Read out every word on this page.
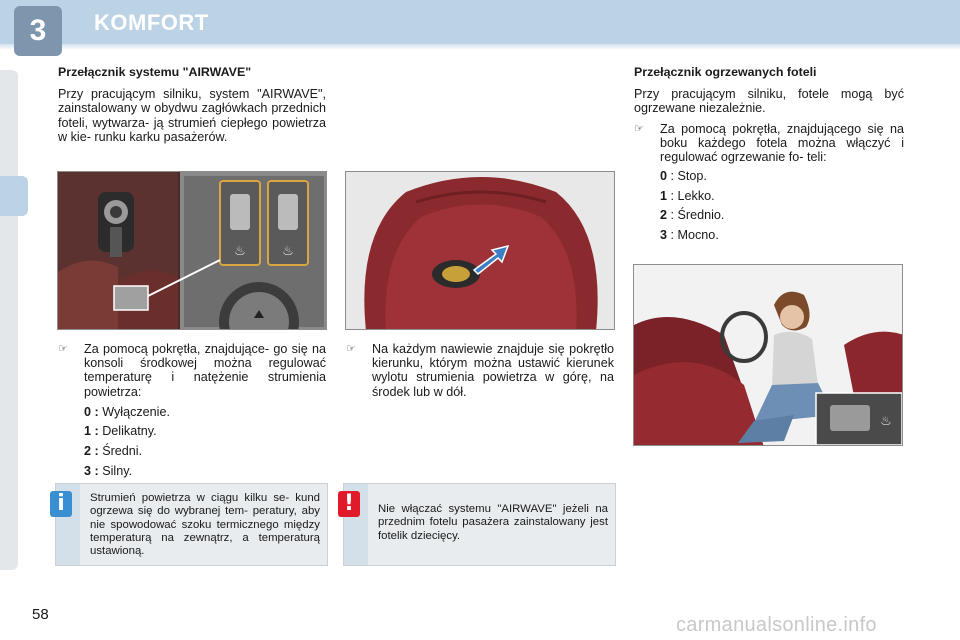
3	KOMFORT
Przełącznik systemu "AIRWAVE"

Przy pracującym silniku, system "AIRWAVE", zainstalowany w obydwu zagłówkach przednich foteli, wytwarza- ją strumień ciepłego powietrza w kie- runku karku pasażerów.

♨	♨
☞ Za pomocą pokrętła, znajdujące- go się na konsoli środkowej można regulować temperaturę i natężenie strumienia powietrza:
0 : Wyłączenie.
1 : Delikatny.
2 : Średni.
3 : Silny.
☞ Na każdym nawiewie znajduje się pokrętło kierunku, którym można ustawić kierunek wylotu strumienia powietrza w górę, na środek lub w dół.
Przełącznik ogrzewanych foteli

Przy pracującym silniku, fotele mogą być ogrzewane niezależnie.

☞ Za pomocą pokrętła, znajdującego się na boku każdego fotela można włączyć i regulować ogrzewanie fo- teli:
0 : Stop.
1 : Lekko.
2 : Średnio.
3 : Mocno.
♨
i	Strumień powietrza w ciągu kilku se- kund ogrzewa się do wybranej tem- peratury, aby nie spowodować szoku termicznego między temperaturą na zewnątrz, a temperaturą ustawioną.
!	Nie włączać systemu "AIRWAVE" jeżeli na przednim fotelu pasażera zainstalowany jest fotelik dziecięcy.
58	carmanualsonline.info
